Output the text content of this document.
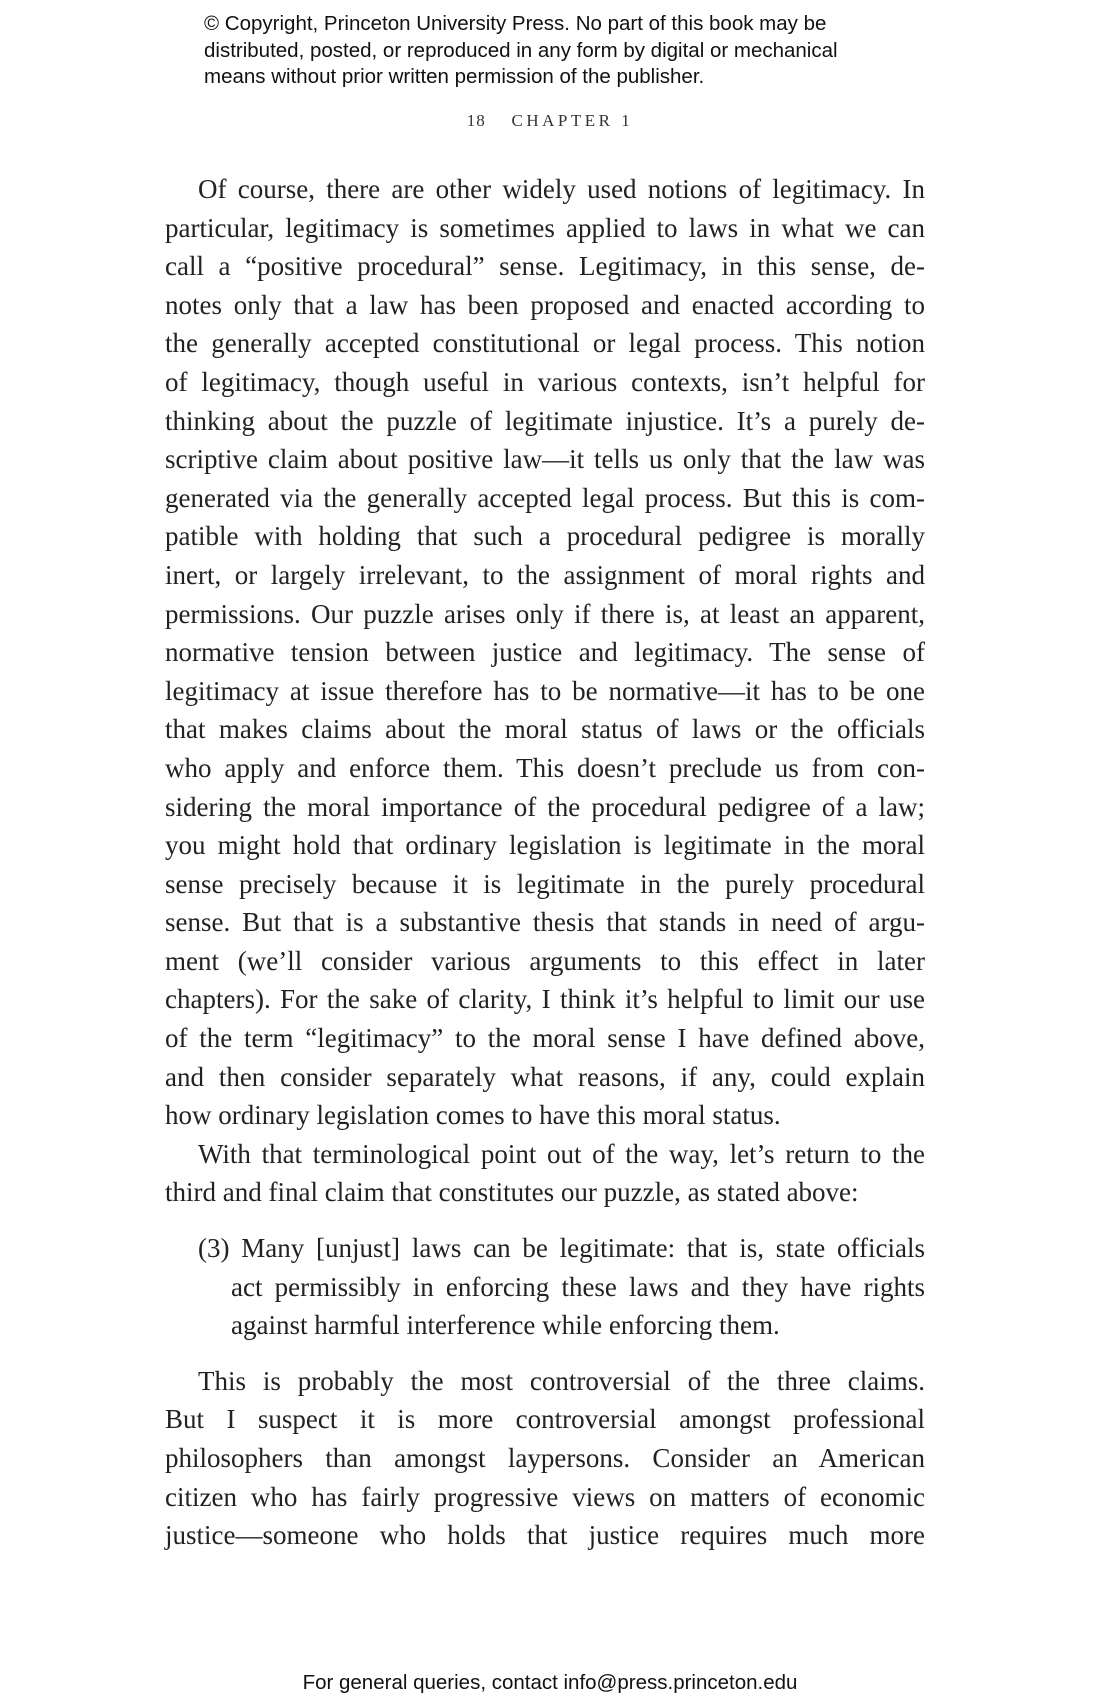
© Copyright, Princeton University Press. No part of this book may be
distributed, posted, or reproduced in any form by digital or mechanical
means without prior written permission of the publisher.
18 CHAPTER 1
Of course, there are other widely used notions of legitimacy. In
particular, legitimacy is sometimes applied to laws in what we can
call a “positive procedural” sense. Legitimacy, in this sense, de-
notes only that a law has been proposed and enacted according to
the generally accepted constitutional or legal process. This notion
of legitimacy, though useful in various contexts, isn’t helpful for
thinking about the puzzle of legitimate injustice. It’s a purely de-
scriptive claim about positive law—it tells us only that the law was
generated via the generally accepted legal process. But this is com-
patible with holding that such a procedural pedigree is morally
inert, or largely irrelevant, to the assignment of moral rights and
permissions. Our puzzle arises only if there is, at least an apparent,
normative tension between justice and legitimacy. The sense of
legitimacy at issue therefore has to be normative—it has to be one
that makes claims about the moral status of laws or the officials
who apply and enforce them. This doesn’t preclude us from con-
sidering the moral importance of the procedural pedigree of a law;
you might hold that ordinary legislation is legitimate in the moral
sense precisely because it is legitimate in the purely procedural
sense. But that is a substantive thesis that stands in need of argu-
ment (we’ll consider various arguments to this effect in later
chapters). For the sake of clarity, I think it’s helpful to limit our use
of the term “legitimacy” to the moral sense I have defined above,
and then consider separately what reasons, if any, could explain
how ordinary legislation comes to have this moral status.
With that terminological point out of the way, let’s return to the
third and final claim that constitutes our puzzle, as stated above:
(3) Many [unjust] laws can be legitimate: that is, state officials
act permissibly in enforcing these laws and they have rights
against harmful interference while enforcing them.
This is probably the most controversial of the three claims.
But I suspect it is more controversial amongst professional
philosophers than amongst laypersons. Consider an American
citizen who has fairly progressive views on matters of economic
justice—someone who holds that justice requires much more
For general queries, contact info@press.princeton.edu
